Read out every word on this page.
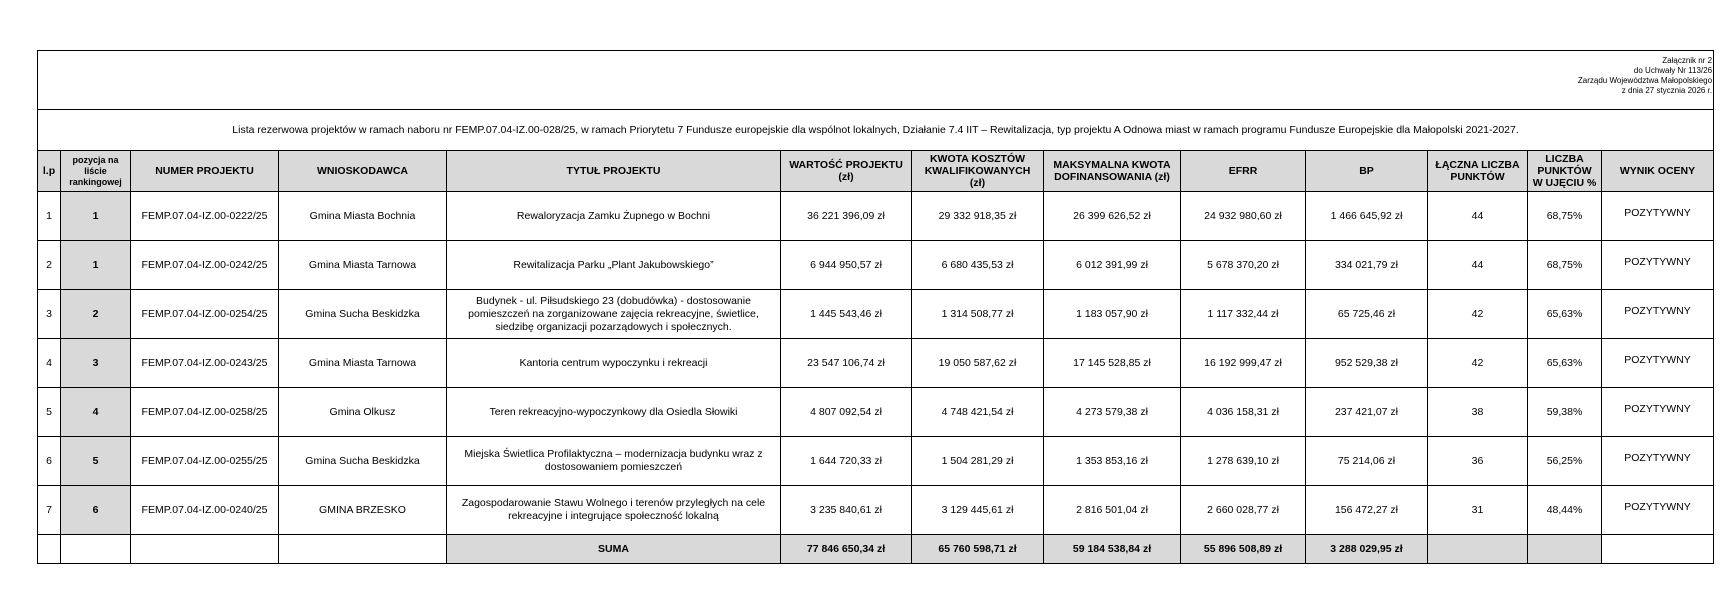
Załącznik nr 2
do Uchwały Nr 113/26
Zarządu Województwa Małopolskiego
z dnia 27 stycznia 2026 r.												

Lista rezerwowa projektów w ramach naboru nr FEMP.07.04-IZ.00-028/25, w ramach Priorytetu 7 Fundusze europejskie dla wspólnot lokalnych, Działanie 7.4 IIT – Rewitalizacja, typ projektu A Odnowa miast w ramach programu Fundusze Europejskie dla Małopolski 2021-2027.												
l.p	pozycja na liście rankingowej	NUMER PROJEKTU	WNIOSKODAWCA	TYTUŁ PROJEKTU	WARTOŚĆ PROJEKTU (zł)	KWOTA KOSZTÓW KWALIFIKOWANYCH (zł)	MAKSYMALNA KWOTA DOFINANSOWANIA (zł)	EFRR	BP	ŁĄCZNA LICZBA PUNKTÓW	LICZBA PUNKTÓW W UJĘCIU %	WYNIK OCENY
1	1	FEMP.07.04-IZ.00-0222/25	Gmina Miasta Bochnia	Rewaloryzacja Zamku Żupnego w Bochni	36 221 396,09 zł	29 332 918,35 zł	26 399 626,52 zł	24 932 980,60 zł	1 466 645,92 zł	44	68,75%	POZYTYWNY
2	1	FEMP.07.04-IZ.00-0242/25	Gmina Miasta Tarnowa	Rewitalizacja Parku „Plant Jakubowskiego”	6 944 950,57 zł	6 680 435,53 zł	6 012 391,99 zł	5 678 370,20 zł	334 021,79 zł	44	68,75%	POZYTYWNY
3	2	FEMP.07.04-IZ.00-0254/25	Gmina Sucha Beskidzka	Budynek - ul. Piłsudskiego 23 (dobudówka) - dostosowanie pomieszczeń na zorganizowane zajęcia rekreacyjne, świetlice, siedzibę organizacji pozarządowych i społecznych.	1 445 543,46 zł	1 314 508,77 zł	1 183 057,90 zł	1 117 332,44 zł	65 725,46 zł	42	65,63%	POZYTYWNY
4	3	FEMP.07.04-IZ.00-0243/25	Gmina Miasta Tarnowa	Kantoria centrum wypoczynku i rekreacji	23 547 106,74 zł	19 050 587,62 zł	17 145 528,85 zł	16 192 999,47 zł	952 529,38 zł	42	65,63%	POZYTYWNY
5	4	FEMP.07.04-IZ.00-0258/25	Gmina Olkusz	Teren rekreacyjno-wypoczynkowy dla Osiedla Słowiki	4 807 092,54 zł	4 748 421,54 zł	4 273 579,38 zł	4 036 158,31 zł	237 421,07 zł	38	59,38%	POZYTYWNY
6	5	FEMP.07.04-IZ.00-0255/25	Gmina Sucha Beskidzka	Miejska Świetlica Profilaktyczna – modernizacja budynku wraz z dostosowaniem pomieszczeń	1 644 720,33 zł	1 504 281,29 zł	1 353 853,16 zł	1 278 639,10 zł	75 214,06 zł	36	56,25%	POZYTYWNY
7	6	FEMP.07.04-IZ.00-0240/25	GMINA BRZESKO	Zagospodarowanie Stawu Wolnego i terenów przyległych na cele rekreacyjne i integrujące społeczność lokalną	3 235 840,61 zł	3 129 445,61 zł	2 816 501,04 zł	2 660 028,77 zł	156 472,27 zł	31	48,44%	POZYTYWNY
				SUMA	77 846 650,34 zł	65 760 598,71 zł	59 184 538,84 zł	55 896 508,89 zł	3 288 029,95 zł			
